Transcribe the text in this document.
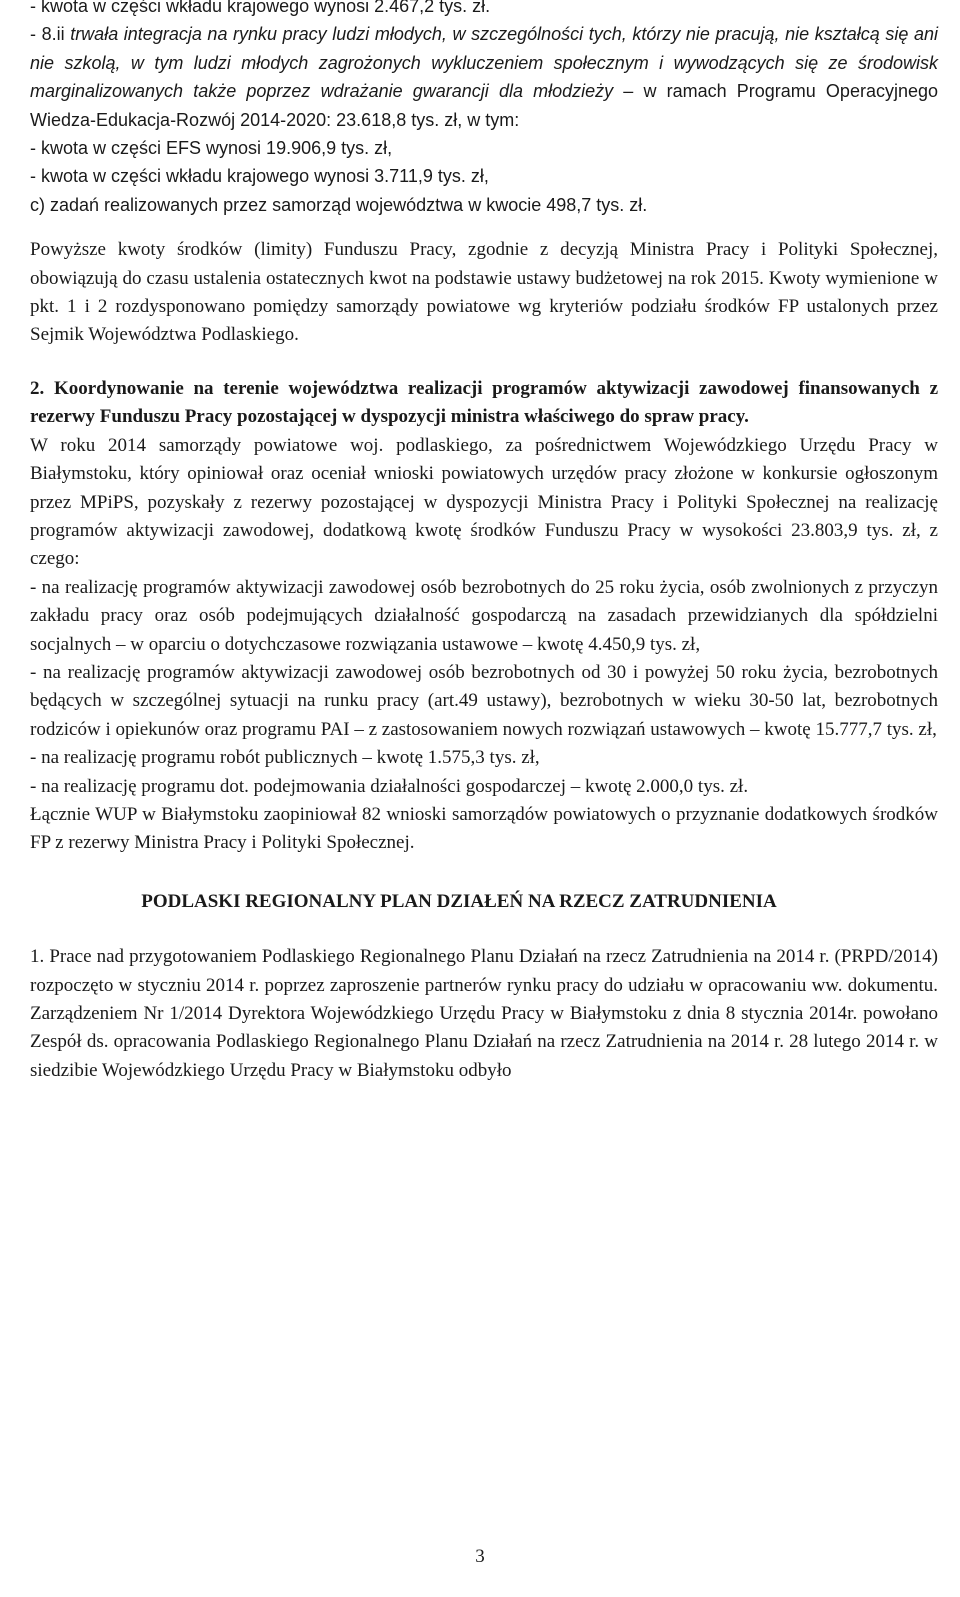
- kwota w części wkładu krajowego wynosi 2.467,2 tys. zł.

- 8.ii trwała integracja na rynku pracy ludzi młodych, w szczególności tych, którzy nie pracują, nie kształcą się ani nie szkolą, w tym ludzi młodych zagrożonych wykluczeniem społecznym i wywodzących się ze środowisk marginalizowanych także poprzez wdrażanie gwarancji dla młodzieży – w ramach Programu Operacyjnego Wiedza-Edukacja-Rozwój 2014-2020: 23.618,8 tys. zł, w tym:

- kwota w części EFS wynosi 19.906,9 tys. zł,

- kwota w części wkładu krajowego wynosi 3.711,9 tys. zł,

c) zadań realizowanych przez samorząd województwa w kwocie 498,7 tys. zł.

Powyższe kwoty środków (limity) Funduszu Pracy, zgodnie z decyzją Ministra Pracy i Polityki Społecznej, obowiązują do czasu ustalenia ostatecznych kwot na podstawie ustawy budżetowej na rok 2015. Kwoty wymienione w pkt. 1 i 2 rozdysponowano pomiędzy samorządy powiatowe wg kryteriów podziału środków FP ustalonych przez Sejmik Województwa Podlaskiego.

2. Koordynowanie na terenie województwa realizacji programów aktywizacji zawodowej finansowanych z rezerwy Funduszu Pracy pozostającej w dyspozycji ministra właściwego do spraw pracy.

W roku 2014 samorządy powiatowe woj. podlaskiego, za pośrednictwem Wojewódzkiego Urzędu Pracy w Białymstoku, który opiniował oraz oceniał wnioski powiatowych urzędów pracy złożone w konkursie ogłoszonym przez MPiPS, pozyskały z rezerwy pozostającej w dyspozycji Ministra Pracy i Polityki Społecznej na realizację programów aktywizacji zawodowej, dodatkową kwotę środków Funduszu Pracy w wysokości 23.803,9 tys. zł, z czego:

- na realizację programów aktywizacji zawodowej osób bezrobotnych do 25 roku życia, osób zwolnionych z przyczyn zakładu pracy oraz osób podejmujących działalność gospodarczą na zasadach przewidzianych dla spółdzielni socjalnych – w oparciu o dotychczasowe rozwiązania ustawowe – kwotę 4.450,9 tys. zł,

- na realizację programów aktywizacji zawodowej osób bezrobotnych od 30 i powyżej 50 roku życia, bezrobotnych będących w szczególnej sytuacji na runku pracy (art.49 ustawy), bezrobotnych w wieku 30-50 lat, bezrobotnych rodziców i opiekunów oraz programu PAI – z zastosowaniem nowych rozwiązań ustawowych – kwotę 15.777,7 tys. zł,

- na realizację programu robót publicznych – kwotę 1.575,3 tys. zł,

- na realizację programu dot. podejmowania działalności gospodarczej – kwotę 2.000,0 tys. zł.

Łącznie WUP w Białymstoku zaopiniował 82 wnioski samorządów powiatowych o przyznanie dodatkowych środków FP z rezerwy Ministra Pracy i Polityki Społecznej.

PODLASKI REGIONALNY PLAN DZIAŁEŃ NA RZECZ ZATRUDNIENIA

1. Prace nad przygotowaniem Podlaskiego Regionalnego Planu Działań na rzecz Zatrudnienia na 2014 r. (PRPD/2014) rozpoczęto w styczniu 2014 r. poprzez zaproszenie partnerów rynku pracy do udziału w opracowaniu ww. dokumentu. Zarządzeniem Nr 1/2014 Dyrektora Wojewódzkiego Urzędu Pracy w Białymstoku z dnia 8 stycznia 2014r. powołano Zespół ds. opracowania Podlaskiego Regionalnego Planu Działań na rzecz Zatrudnienia na 2014 r. 28 lutego 2014 r. w siedzibie Wojewódzkiego Urzędu Pracy w Białymstoku odbyło

3
